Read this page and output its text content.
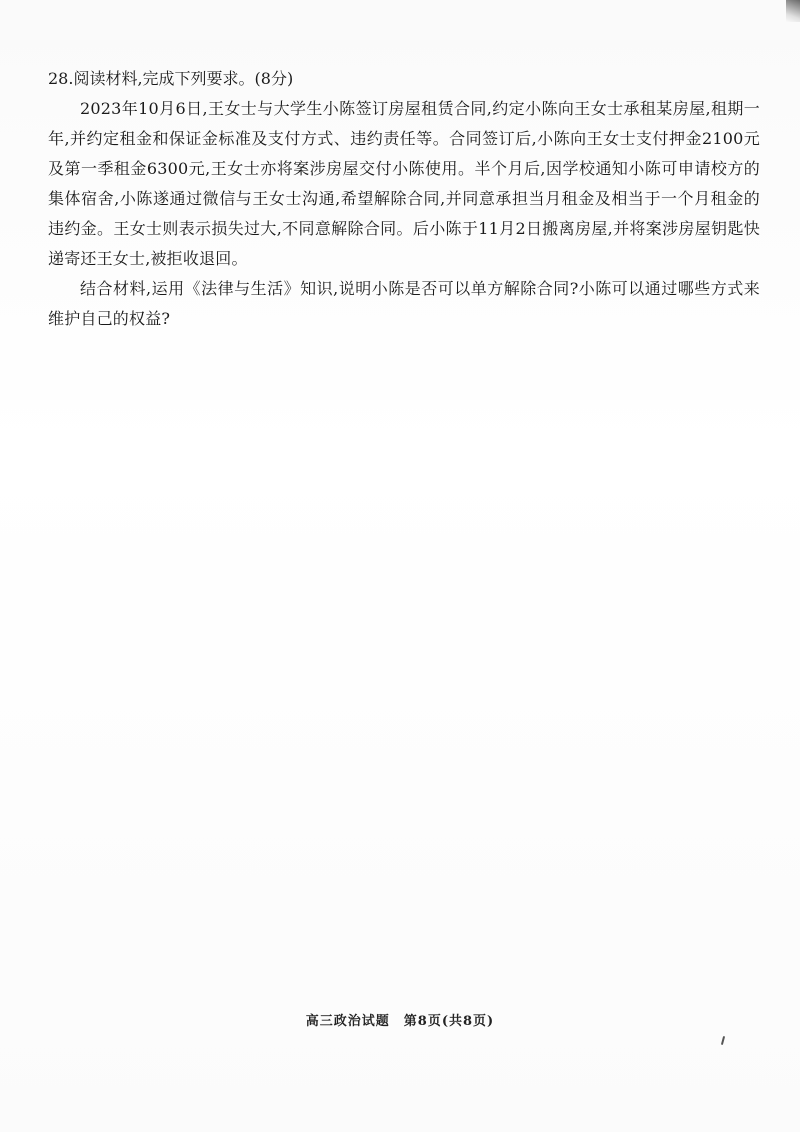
28.阅读材料,完成下列要求。(8分)

2023年10月6日,王女士与大学生小陈签订房屋租赁合同,约定小陈向王女士承租某房屋,租期一年,并约定租金和保证金标准及支付方式、违约责任等。合同签订后,小陈向王女士支付押金2100元及第一季租金6300元,王女士亦将案涉房屋交付小陈使用。半个月后,因学校通知小陈可申请校方的集体宿舍,小陈遂通过微信与王女士沟通,希望解除合同,并同意承担当月租金及相当于一个月租金的违约金。王女士则表示损失过大,不同意解除合同。后小陈于11月2日搬离房屋,并将案涉房屋钥匙快递寄还王女士,被拒收退回。

结合材料,运用《法律与生活》知识,说明小陈是否可以单方解除合同?小陈可以通过哪些方式来维护自己的权益?

高三政治试题　第8页(共8页)
